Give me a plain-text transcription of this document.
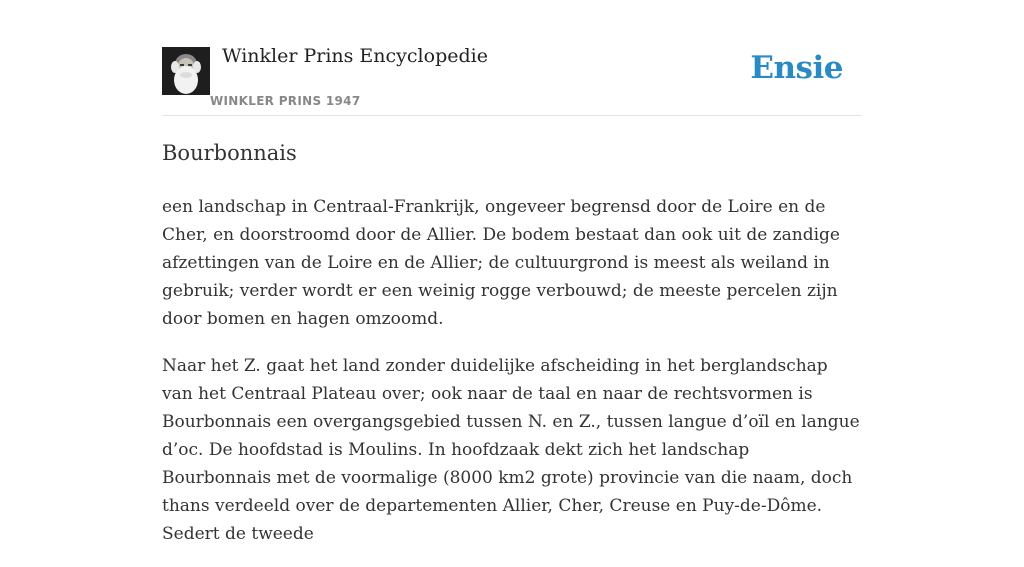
Winkler Prins Encyclopedie
WINKLER PRINS 1947
Ensie
Bourbonnais

een landschap in Centraal-Frankrijk, ongeveer begrensd door de Loire en de Cher, en doorstroomd door de Allier. De bodem bestaat dan ook uit de zandige afzettingen van de Loire en de Allier; de cultuurgrond is meest als weiland in gebruik; verder wordt er een weinig rogge verbouwd; de meeste percelen zijn door bomen en hagen omzoomd.

Naar het Z. gaat het land zonder duidelijke afscheiding in het berglandschap van het Centraal Plateau over; ook naar de taal en naar de rechtsvormen is Bourbonnais een overgangsgebied tussen N. en Z., tussen langue d’oïl en langue d’oc. De hoofdstad is Moulins. In hoofdzaak dekt zich het landschap Bourbonnais met de voormalige (8000 km2 grote) provincie van die naam, doch thans verdeeld over de departementen Allier, Cher, Creuse en Puy-de-Dôme. Sedert de tweede
